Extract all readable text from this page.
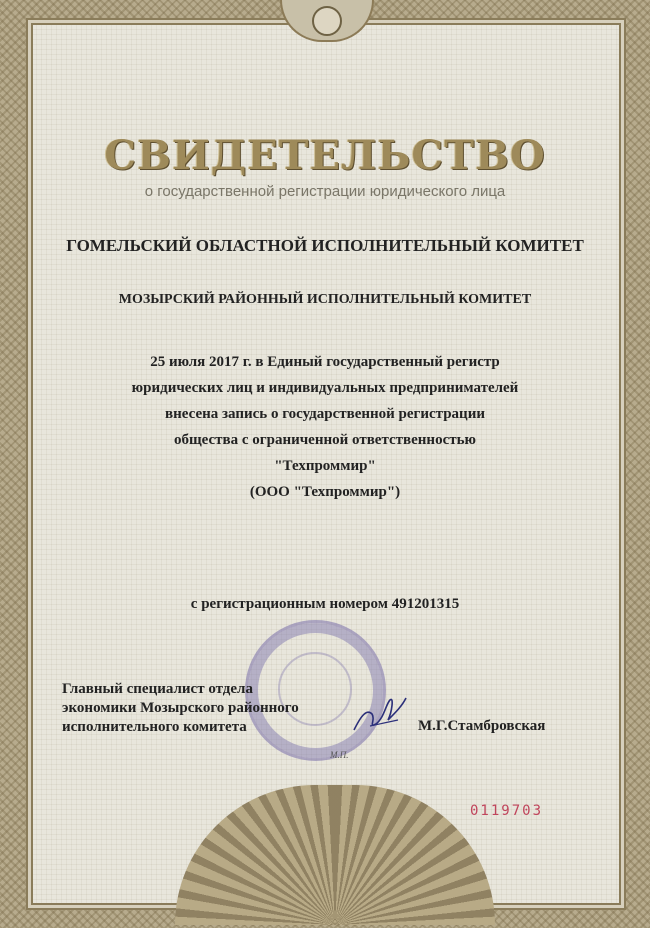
СВИДЕТЕЛЬСТВО
о государственной регистрации юридического лица
ГОМЕЛЬСКИЙ ОБЛАСТНОЙ ИСПОЛНИТЕЛЬНЫЙ КОМИТЕТ
МОЗЫРСКИЙ РАЙОННЫЙ ИСПОЛНИТЕЛЬНЫЙ КОМИТЕТ
25 июля 2017 г. в Единый государственный регистр
юридических лиц и индивидуальных предпринимателей
внесена запись о государственной регистрации
общества с ограниченной ответственностью
"Техпроммир"
(ООО "Техпроммир")
с регистрационным номером 491201315
Главный специалист отдела
экономики Мозырского районного
исполнительного комитета
М.П.
М.Г.Стамбровская
0119703
